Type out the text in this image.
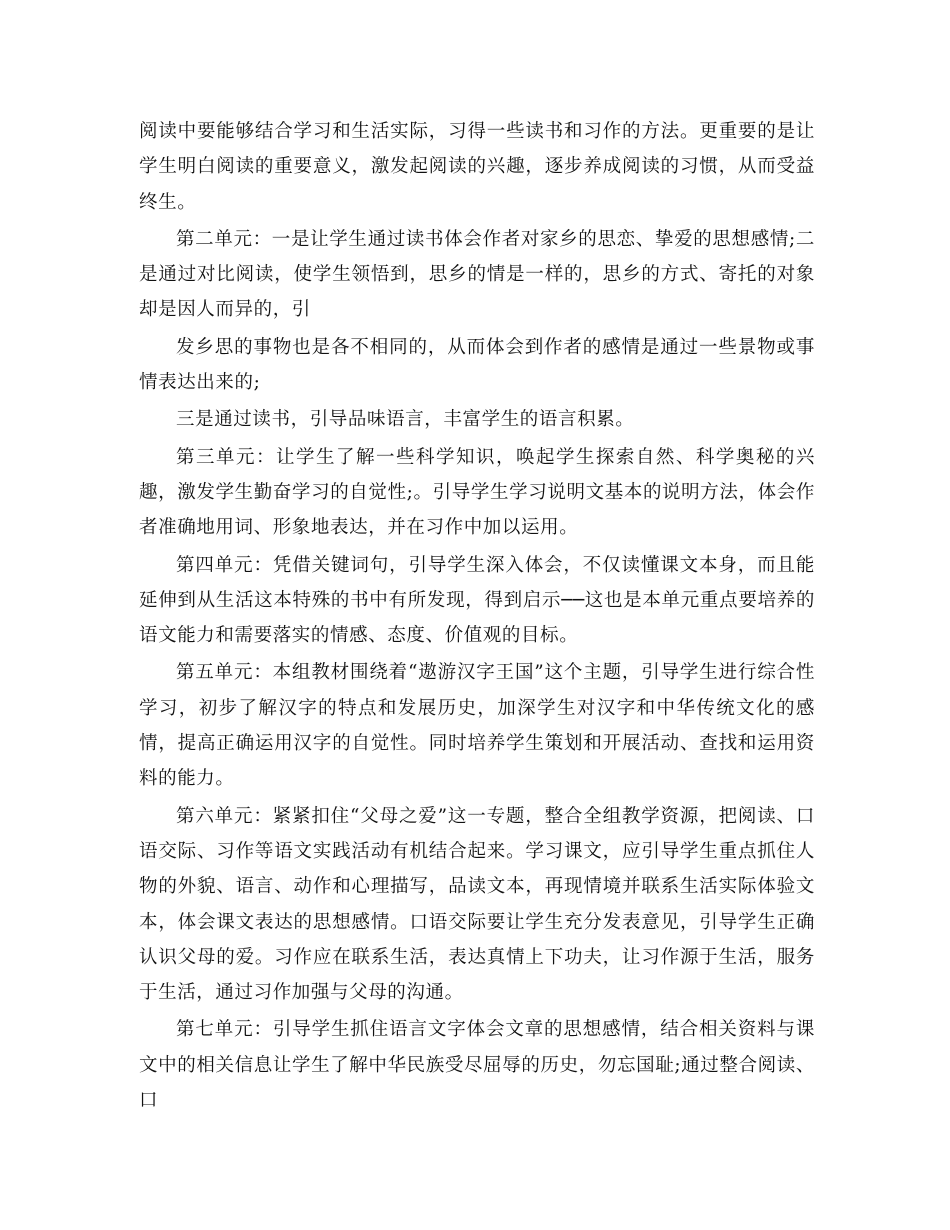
阅读中要能够结合学习和生活实际，习得一些读书和习作的方法。更重要的是让学生明白阅读的重要意义，激发起阅读的兴趣，逐步养成阅读的习惯，从而受益终生。

第二单元：一是让学生通过读书体会作者对家乡的思恋、挚爱的思想感情;二是通过对比阅读，使学生领悟到，思乡的情是一样的，思乡的方式、寄托的对象却是因人而异的，引

发乡思的事物也是各不相同的，从而体会到作者的感情是通过一些景物或事情表达出来的;

三是通过读书，引导品味语言，丰富学生的语言积累。

第三单元：让学生了解一些科学知识，唤起学生探索自然、科学奥秘的兴趣，激发学生勤奋学习的自觉性;。引导学生学习说明文基本的说明方法，体会作者准确地用词、形象地表达，并在习作中加以运用。

第四单元：凭借关键词句，引导学生深入体会，不仅读懂课文本身，而且能延伸到从生活这本特殊的书中有所发现，得到启示──这也是本单元重点要培养的语文能力和需要落实的情感、态度、价值观的目标。

第五单元：本组教材围绕着“遨游汉字王国”这个主题，引导学生进行综合性学习，初步了解汉字的特点和发展历史，加深学生对汉字和中华传统文化的感情，提高正确运用汉字的自觉性。同时培养学生策划和开展活动、查找和运用资料的能力。

第六单元：紧紧扣住“父母之爱”这一专题，整合全组教学资源，把阅读、口语交际、习作等语文实践活动有机结合起来。学习课文，应引导学生重点抓住人物的外貌、语言、动作和心理描写，品读文本，再现情境并联系生活实际体验文本，体会课文表达的思想感情。口语交际要让学生充分发表意见，引导学生正确认识父母的爱。习作应在联系生活，表达真情上下功夫，让习作源于生活，服务于生活，通过习作加强与父母的沟通。

第七单元：引导学生抓住语言文字体会文章的思想感情，结合相关资料与课文中的相关信息让学生了解中华民族受尽屈辱的历史，勿忘国耻;通过整合阅读、口
